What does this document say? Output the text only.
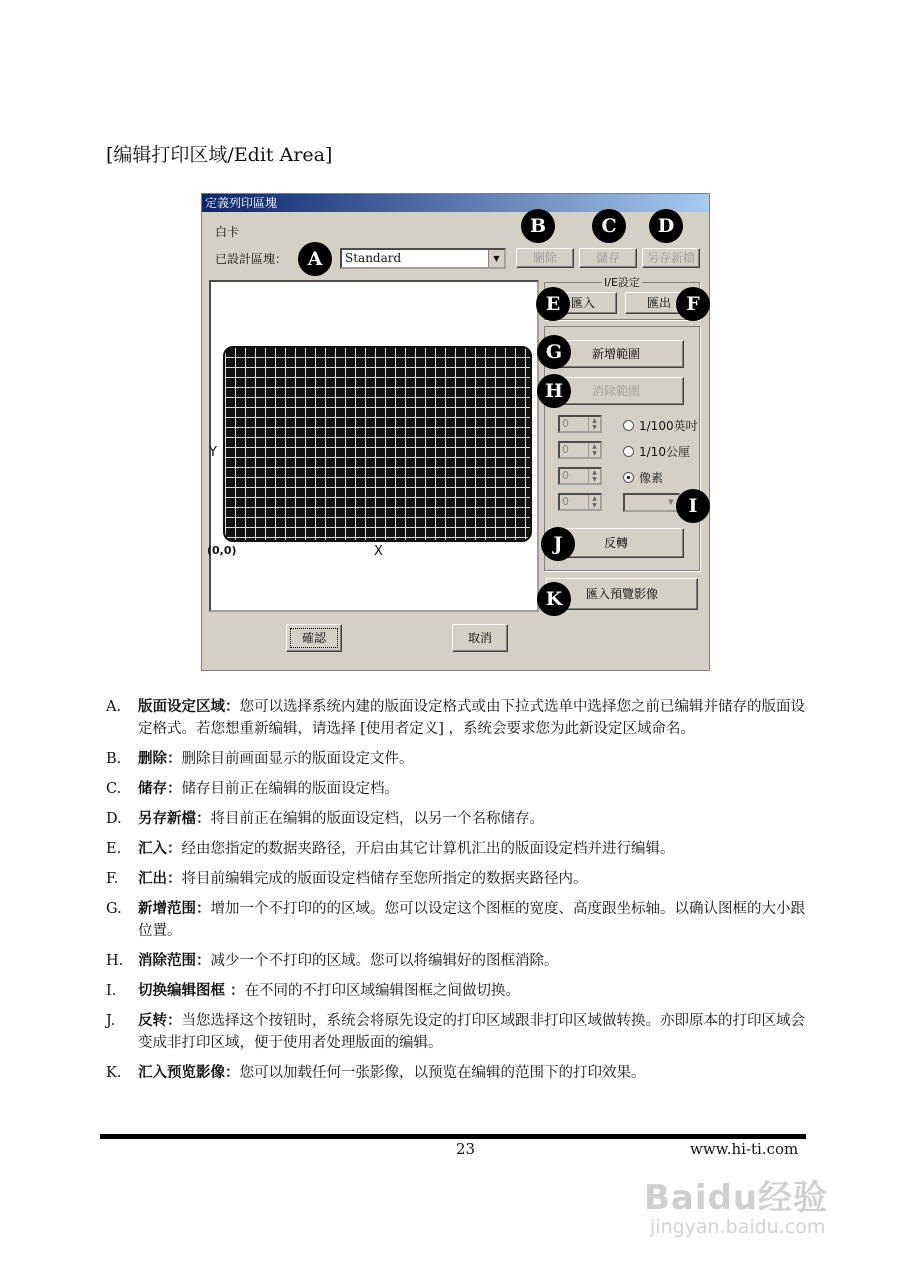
[编辑打印区域/Edit Area]
定義列印區塊
白卡
已設計區塊：	Standard	▼	刪除	儲存	另存新檔
Y
X
(0,0)
I/E設定
匯入	匯出
新增範圍
消除範圍
0	▲
▼
0	▲
▼
0	▲
▼
0	▲
▼
1/100英吋
1/10公厘
像素
▼
反轉
匯入預覽影像
確認	取消
A
B	C	D
E	F
G
H
I
J
K
A. 版面设定区域：您可以选择系统内建的版面设定格式或由下拉式选单中选择您之前已编辑并储存的版面设定格式。若您想重新编辑，请选择 [使用者定义] ，系统会要求您为此新设定区域命名。
B. 删除：删除目前画面显示的版面设定文件。
C. 储存：储存目前正在编辑的版面设定档。
D. 另存新檔：将目前正在编辑的版面设定档，以另一个名称储存。
E. 汇入：经由您指定的数据夹路径，开启由其它计算机汇出的版面设定档并进行编辑。
F. 汇出：将目前编辑完成的版面设定档储存至您所指定的数据夹路径内。
G. 新增范围：增加一个不打印的的区域。您可以设定这个图框的宽度、高度跟坐标轴。以确认图框的大小跟位置。
H. 消除范围：减少一个不打印的区域。您可以将编辑好的图框消除。
I. 切换编辑图框 ：在不同的不打印区域编辑图框之间做切换。
J. 反转：当您选择这个按钮时，系统会将原先设定的打印区域跟非打印区域做转换。亦即原本的打印区域会变成非打印区域，便于使用者处理版面的编辑。
K. 汇入预览影像：您可以加载任何一张影像，以预览在编辑的范围下的打印效果。
23	www.hi-ti.com
Baidu经验
jingyan.baidu.com
